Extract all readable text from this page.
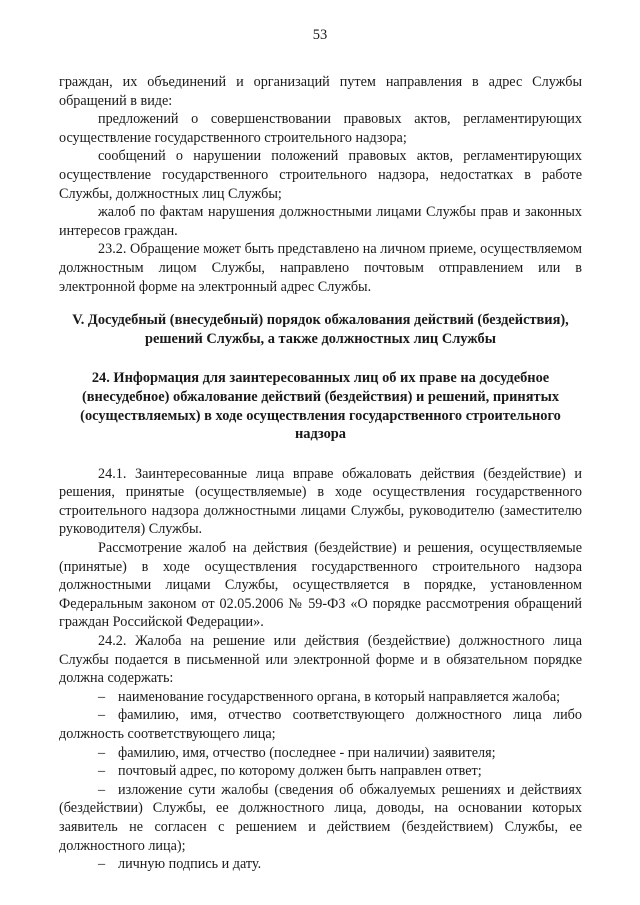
53

граждан, их объединений и организаций путем направления в адрес Службы обращений в виде:

предложений о совершенствовании правовых актов, регламентирующих осуществление государственного строительного надзора;

сообщений о нарушении положений правовых актов, регламентирующих осуществление государственного строительного надзора, недостатках в работе Службы, должностных лиц Службы;

жалоб по фактам нарушения должностными лицами Службы прав и законных интересов граждан.

23.2. Обращение может быть представлено на личном приеме, осуществляемом должностным лицом Службы, направлено почтовым отправлением или в электронной форме на электронный адрес Службы.

V. Досудебный (внесудебный) порядок обжалования действий (бездействия), решений Службы, а также должностных лиц Службы
24. Информация для заинтересованных лиц об их праве на досудебное (внесудебное) обжалование действий (бездействия) и решений, принятых (осуществляемых) в ходе осуществления государственного строительного надзора

24.1. Заинтересованные лица вправе обжаловать действия (бездействие) и решения, принятые (осуществляемые) в ходе осуществления государственного строительного надзора должностными лицами Службы, руководителю (заместителю руководителя) Службы.

Рассмотрение жалоб на действия (бездействие) и решения, осуществляемые (принятые) в ходе осуществления государственного строительного надзора должностными лицами Службы, осуществляется в порядке, установленном Федеральным законом от 02.05.2006 № 59-ФЗ «О порядке рассмотрения обращений граждан Российской Федерации».

24.2. Жалоба на решение или действия (бездействие) должностного лица Службы подается в письменной или электронной форме и в обязательном порядке должна содержать:

– наименование государственного органа, в который направляется жалоба;

– фамилию, имя, отчество соответствующего должностного лица либо должность соответствующего лица;

– фамилию, имя, отчество (последнее - при наличии) заявителя;

– почтовый адрес, по которому должен быть направлен ответ;

– изложение сути жалобы (сведения об обжалуемых решениях и действиях (бездействии) Службы, ее должностного лица, доводы, на основании которых заявитель не согласен с решением и действием (бездействием) Службы, ее должностного лица);

– личную подпись и дату.
